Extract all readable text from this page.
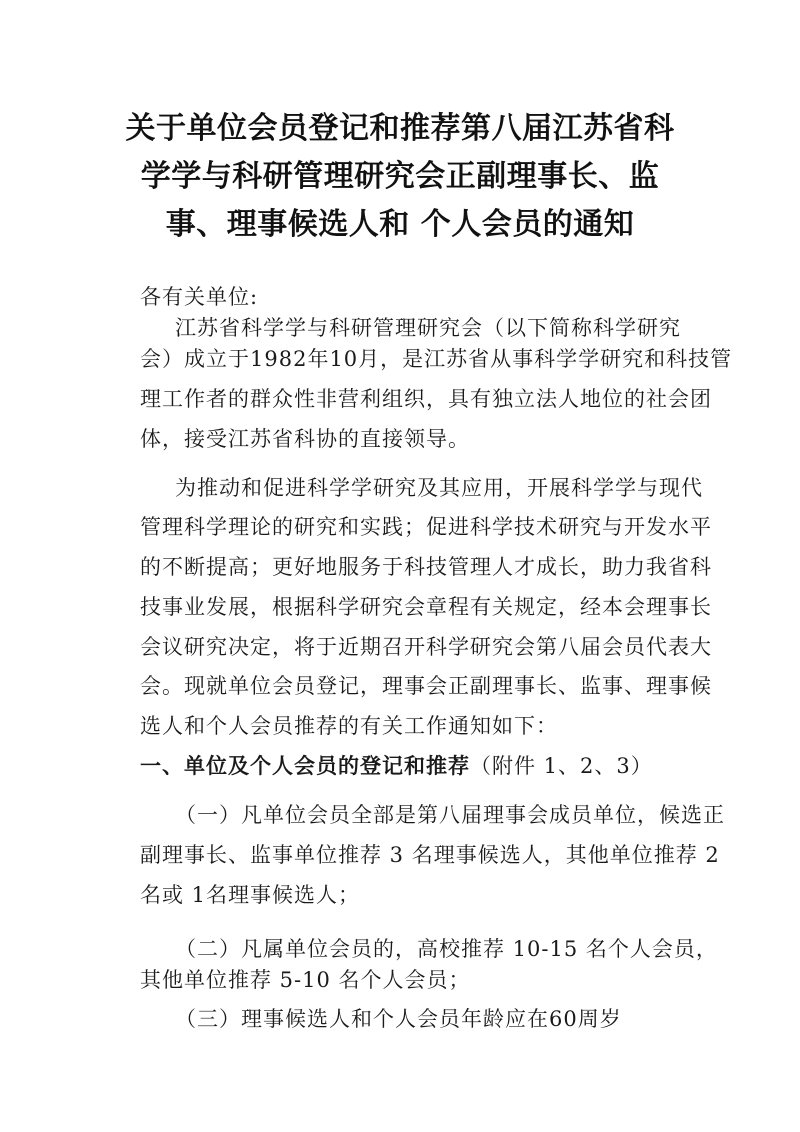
关于单位会员登记和推荐第八届江苏省科
学学与科研管理研究会正副理事长、监
事、理事候选人和 个人会员的通知
各有关单位:
江苏省科学学与科研管理研究会（以下简称科学研究
会）成立于1982年10月，是江苏省从事科学学研究和科技管
理工作者的群众性非营利组织，具有独立法人地位的社会团
体，接受江苏省科协的直接领导。
为推动和促进科学学研究及其应用，开展科学学与现代
管理科学理论的研究和实践；促进科学技术研究与开发水平
的不断提高；更好地服务于科技管理人才成长，助力我省科
技事业发展，根据科学研究会章程有关规定，经本会理事长
会议研究决定，将于近期召开科学研究会第八届会员代表大
会。现就单位会员登记，理事会正副理事长、监事、理事候
选人和个人会员推荐的有关工作通知如下：
一、单位及个人会员的登记和推荐（附件 1、2、3）
（一）凡单位会员全部是第八届理事会成员单位，候选正
副理事长、监事单位推荐 3 名理事候选人，其他单位推荐 2
名或 1名理事候选人；
（二）凡属单位会员的，高校推荐 10-15 名个人会员，
其他单位推荐 5-10 名个人会员；
（三）理事候选人和个人会员年龄应在60周岁
